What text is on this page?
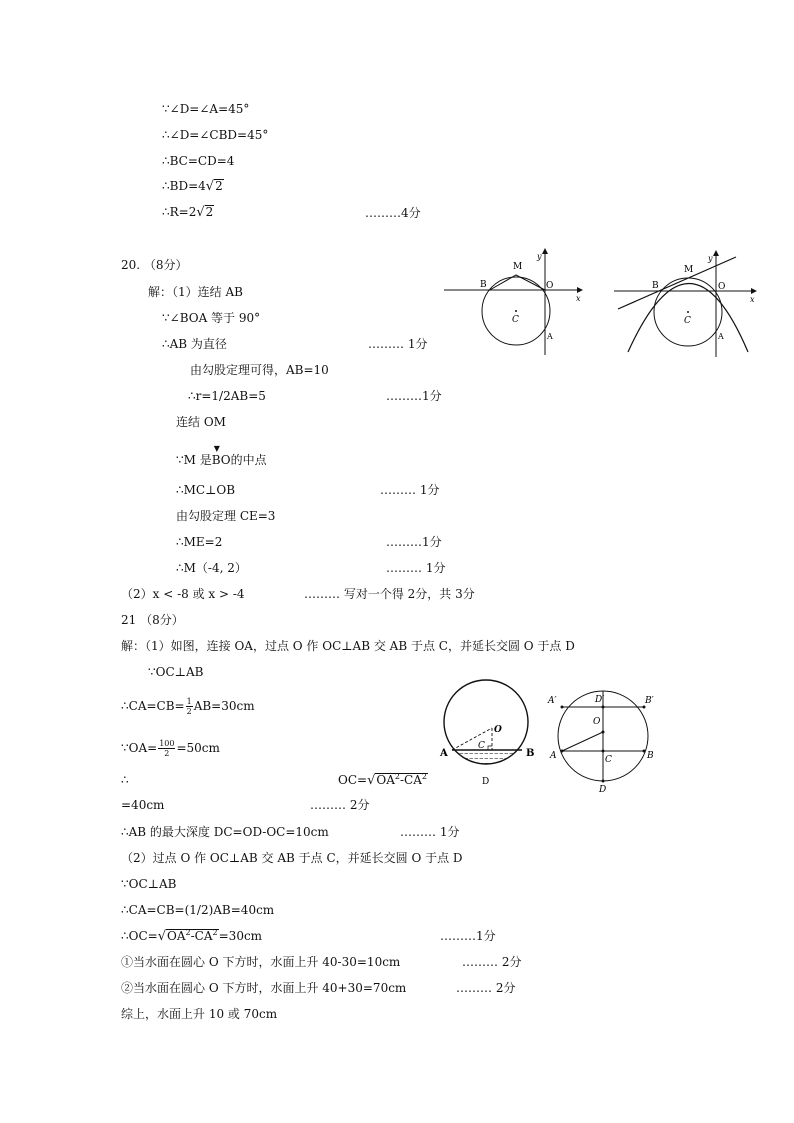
∵∠D=∠A=45°
∴∠D=∠CBD=45°
∴BC=CD=4
∴BD=4√2
∴R=2√2	………4分
20. （8分）
解：（1）连结 AB
∵∠BOA 等于 90°
∴AB 为直径	……… 1分
由勾股定理可得，AB=10
∴r=1/2AB=5	………1分
连结 OM
∵M 是
▼
BO的中点
∴MC⊥OB	……… 1分
由勾股定理 CE=3
∴ME=2	………1分
∴M（-4, 2）	……… 1分
（2）x < -8 或 x > -4	……… 写对一个得 2分，共 3分
B
M
O
C
A
x
y
B
M
O
C
A
x
y
21 （8分）
解：（1）如图，连接 OA，过点 O 作 OC⊥AB 交 AB 于点 C，并延长交圆 O 于点 D
∵OC⊥AB
∴CA=CB= $\frac{1}{2} AB=30cm$
∵OA= $\frac{100}{2} =50cm$
∴	$OC=√OA^2-CA^2$
=40cm	……… 2分
∴AB 的最大深度 DC=OD-OC=10cm	……… 1分
（2）过点 O 作 OC⊥AB 交 AB 于点 C，并延长交圆 O 于点 D
∵OC⊥AB
∴CA=CB=(1/2)AB=40cm
$\therefore OC=√OA^2-CA^2=30cm$	………1分
①当水面在圆心 O 下方时，水面上升 40-30=10cm	……… 2分
②当水面在圆心 O 下方时，水面上升 40+30=70cm	……… 2分
综上，水面上升 10 或 70cm
O
C
A	B
D
A′	D′	B′
O
A	C	B
D
